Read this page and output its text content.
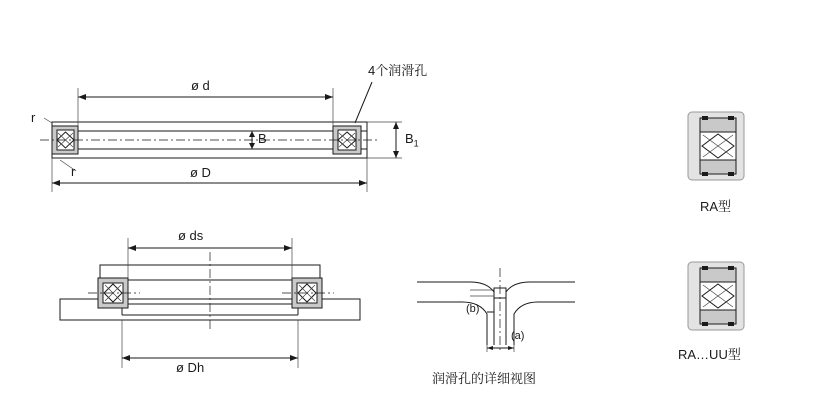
4个润滑孔
ø d
ø D
B	$B_1$
r
r
ø ds
ø Dh
(b)
(a)
润滑孔的详细视图
RA型
RA…UU型
